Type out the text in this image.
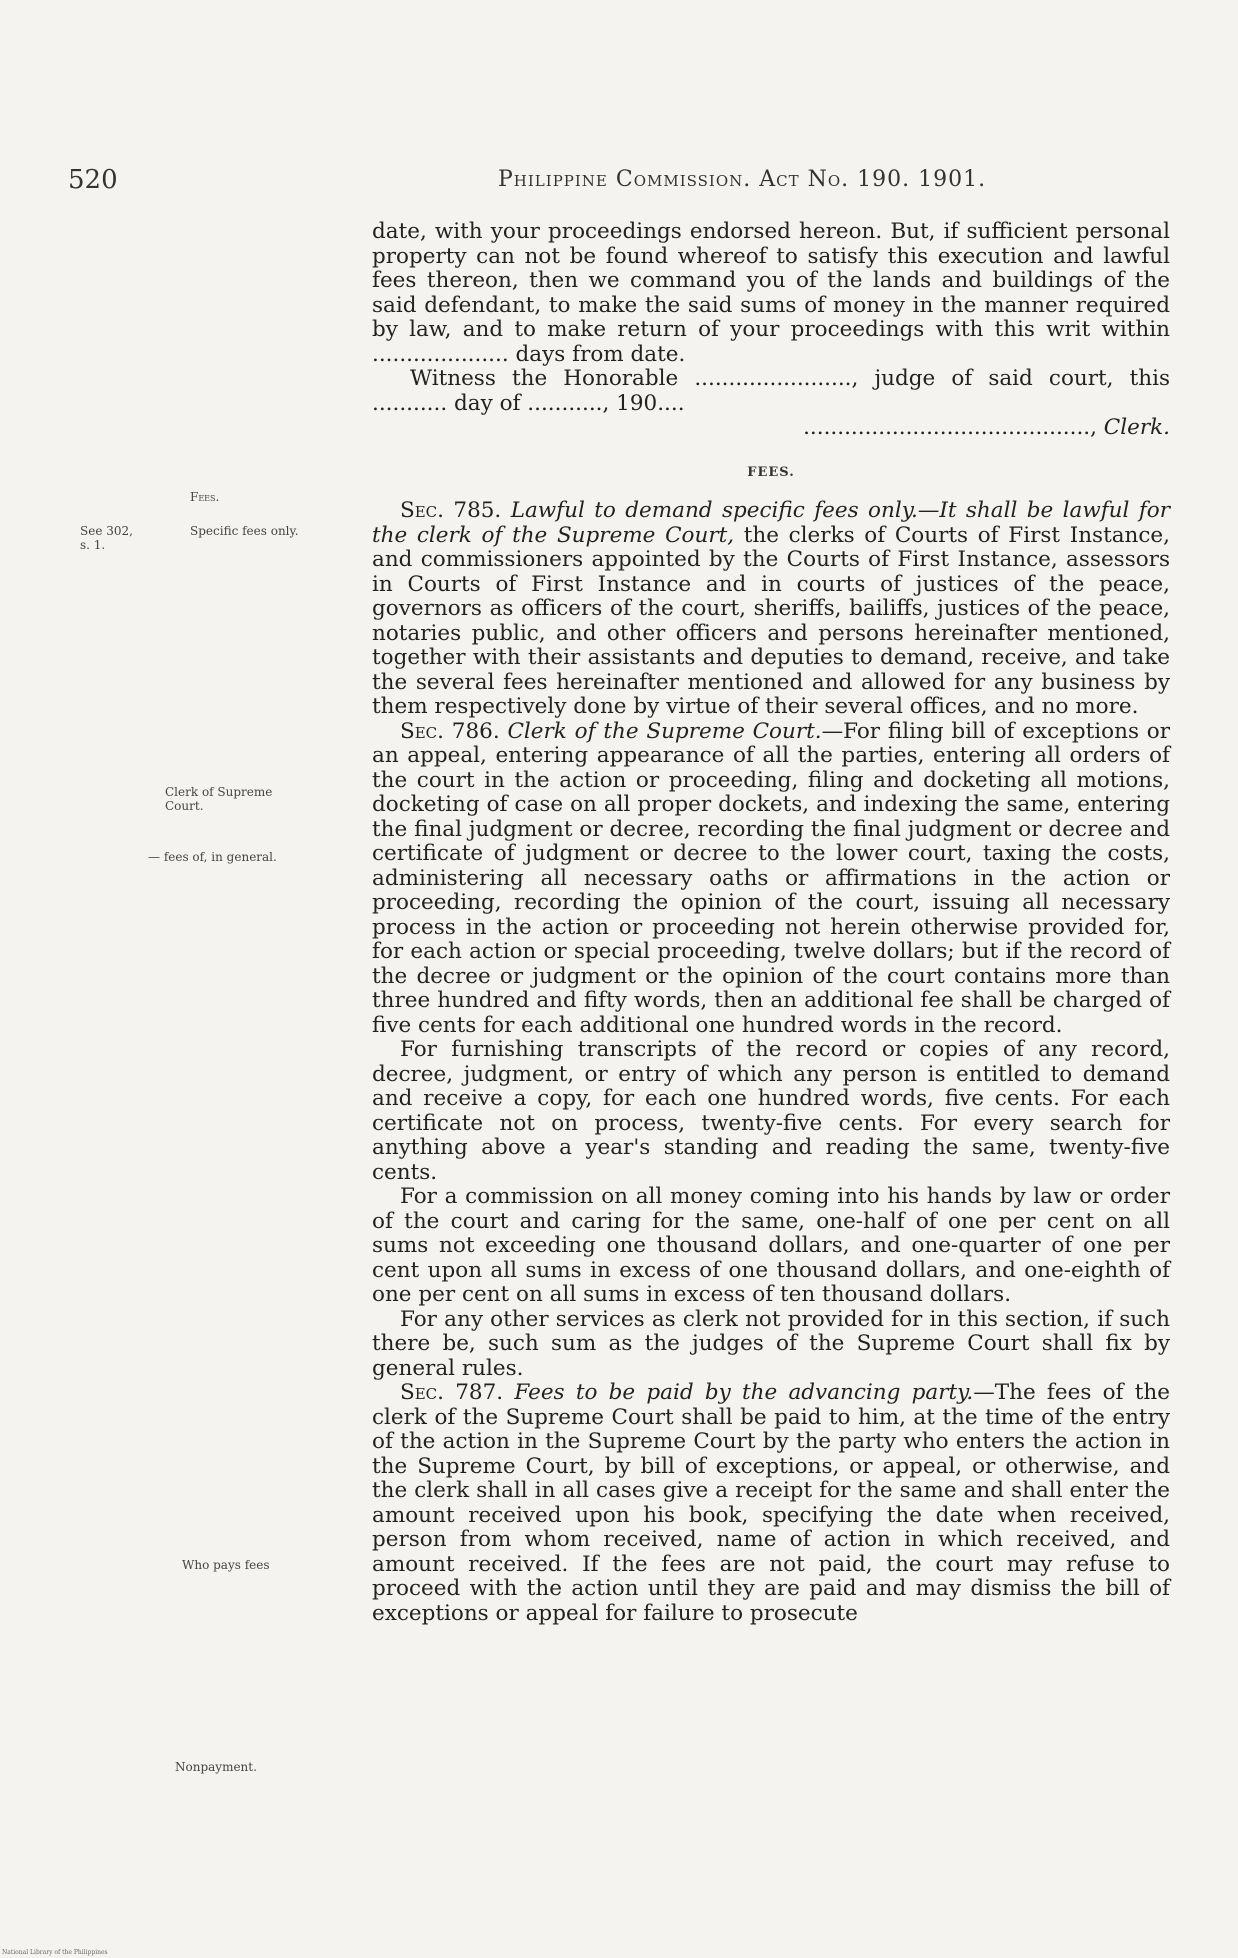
520	Philippine Commission. Act No. 190. 1901.
Fees.
See 302,
s. 1.
Specific fees only.
Clerk of Supreme
Court.
— fees of, in general.
Who pays fees
Nonpayment.

date, with your proceedings endorsed hereon. But, if sufficient personal property can not be found whereof to satisfy this execution and lawful fees thereon, then we command you of the lands and buildings of the said defendant, to make the said sums of money in the manner required by law, and to make return of your proceedings with this writ within .................... days from date.

Witness the Honorable ......................., judge of said court, this ........... day of ..........., 190....

.........................................., Clerk.

FEES.

Sec. 785. Lawful to demand specific fees only.—It shall be lawful for the clerk of the Supreme Court, the clerks of Courts of First Instance, and commissioners appointed by the Courts of First Instance, assessors in Courts of First Instance and in courts of justices of the peace, governors as officers of the court, sheriffs, bailiffs, justices of the peace, notaries public, and other officers and persons hereinafter mentioned, together with their assistants and deputies to demand, receive, and take the several fees hereinafter mentioned and allowed for any business by them respectively done by virtue of their several offices, and no more.

Sec. 786. Clerk of the Supreme Court.—For filing bill of exceptions or an appeal, entering appearance of all the parties, entering all orders of the court in the action or proceeding, filing and docketing all motions, docketing of case on all proper dockets, and indexing the same, entering the final judgment or decree, recording the final judgment or decree and certificate of judgment or decree to the lower court, taxing the costs, administering all necessary oaths or affirmations in the action or proceeding, recording the opinion of the court, issuing all necessary process in the action or proceeding not herein otherwise provided for, for each action or special proceeding, twelve dollars; but if the record of the decree or judgment or the opinion of the court contains more than three hundred and fifty words, then an additional fee shall be charged of five cents for each additional one hundred words in the record.

For furnishing transcripts of the record or copies of any record, decree, judgment, or entry of which any person is entitled to demand and receive a copy, for each one hundred words, five cents. For each certificate not on process, twenty-five cents. For every search for anything above a year's standing and reading the same, twenty-five cents.

For a commission on all money coming into his hands by law or order of the court and caring for the same, one-half of one per cent on all sums not exceeding one thousand dollars, and one-quarter of one per cent upon all sums in excess of one thousand dollars, and one-eighth of one per cent on all sums in excess of ten thousand dollars.

For any other services as clerk not provided for in this section, if such there be, such sum as the judges of the Supreme Court shall fix by general rules.

Sec. 787. Fees to be paid by the advancing party.—The fees of the clerk of the Supreme Court shall be paid to him, at the time of the entry of the action in the Supreme Court by the party who enters the action in the Supreme Court, by bill of exceptions, or appeal, or otherwise, and the clerk shall in all cases give a receipt for the same and shall enter the amount received upon his book, specifying the date when received, person from whom received, name of action in which received, and amount received. If the fees are not paid, the court may refuse to proceed with the action until they are paid and may dismiss the bill of exceptions or appeal for failure to prosecute

National Library of the Philippines
